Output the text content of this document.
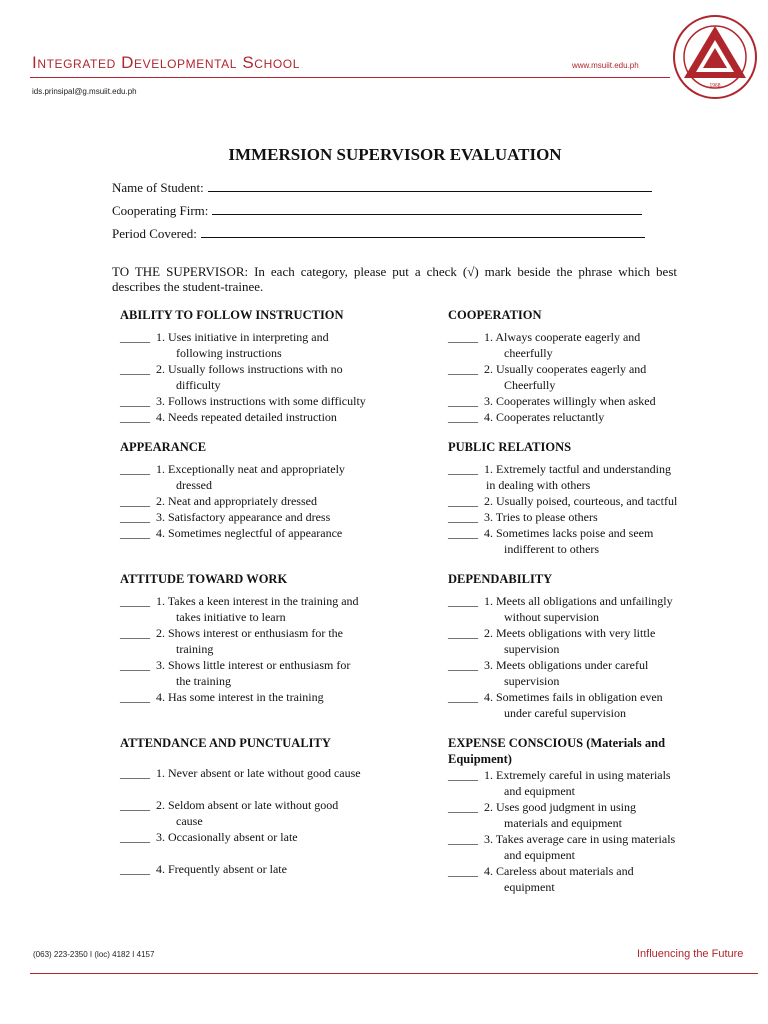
Integrated Developmental School	www.msuiit.edu.ph
ids.prinsipal@g.msuiit.edu.ph
1968
IMMERSION SUPERVISOR EVALUATION
Name of Student:
Cooperating Firm:
Period Covered:
TO THE SUPERVISOR: In each category, please put a check (√) mark beside the phrase which best describes the student-trainee.
ABILITY TO FOLLOW INSTRUCTION
_____ 1. Uses initiative in interpreting and
following instructions
_____ 2. Usually follows instructions with no
difficulty
_____ 3. Follows instructions with some difficulty
_____ 4. Needs repeated detailed instruction
APPEARANCE
_____ 1. Exceptionally neat and appropriately
dressed
_____ 2. Neat and appropriately dressed
_____ 3. Satisfactory appearance and dress
_____ 4. Sometimes neglectful of appearance
ATTITUDE TOWARD WORK
_____ 1. Takes a keen interest in the training and
takes initiative to learn
_____ 2. Shows interest or enthusiasm for the
training
_____ 3. Shows little interest or enthusiasm for
the training
_____ 4. Has some interest in the training
ATTENDANCE AND PUNCTUALITY
_____ 1. Never absent or late without good cause
_____ 2. Seldom absent or late without good
cause
_____ 3. Occasionally absent or late
_____ 4. Frequently absent or late
COOPERATION
_____ 1. Always cooperate eagerly and
cheerfully
_____ 2. Usually cooperates eagerly and
Cheerfully
_____ 3. Cooperates willingly when asked
_____ 4. Cooperates reluctantly
PUBLIC RELATIONS
_____ 1. Extremely tactful and understanding
in dealing with others
_____ 2. Usually poised, courteous, and tactful
_____ 3. Tries to please others
_____ 4. Sometimes lacks poise and seem
indifferent to others
DEPENDABILITY
_____ 1. Meets all obligations and unfailingly
without supervision
_____ 2. Meets obligations with very little
supervision
_____ 3. Meets obligations under careful
supervision
_____ 4. Sometimes fails in obligation even
under careful supervision
EXPENSE CONSCIOUS (Materials and Equipment)
_____ 1. Extremely careful in using materials
and equipment
_____ 2. Uses good judgment in using
materials and equipment
_____ 3. Takes average care in using materials
and equipment
_____ 4. Careless about materials and
equipment
(063) 223-2350 I (loc) 4182 I 4157	Influencing the Future
